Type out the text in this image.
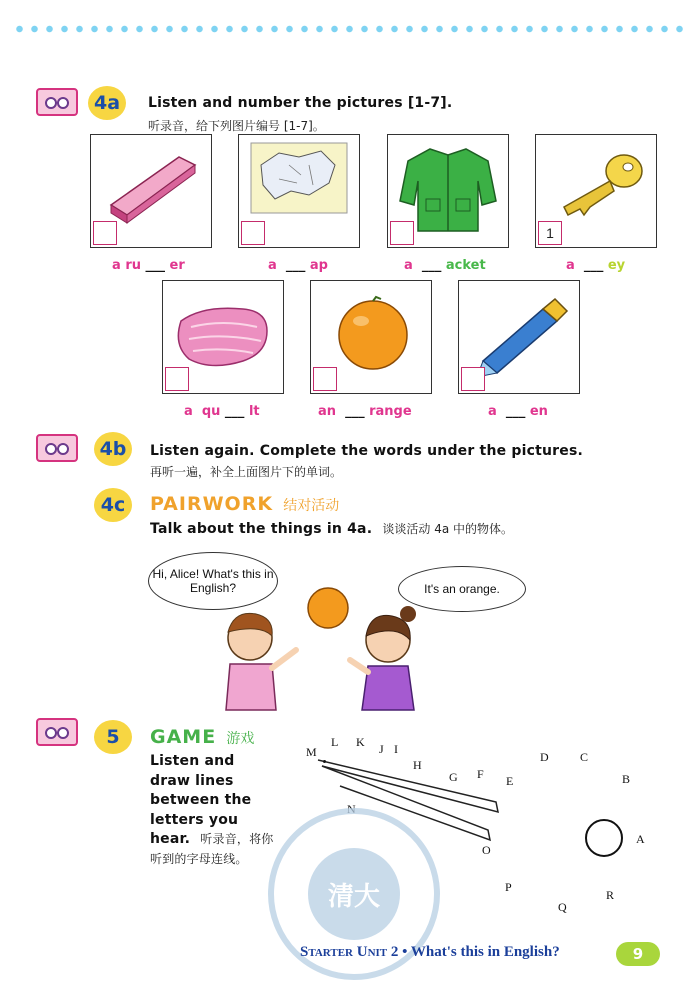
4a	Listen and number the pictures [1-7].
听录音，给下列图片编号 [1-7]。
1
a ru ___ er	a  ___ ap	a  ___ acket	a  ___ ey
a qu ___ lt	an  ___ range	a  ___ en
4b	Listen again. Complete the words under the pictures.
再听一遍，补全上面图片下的单词。
4c	PAIRWORK 结对活动
Talk about the things in 4a. 谈谈活动 4a 中的物体。
Hi, Alice! What's this in English?	It's an orange.
5	GAME 游戏
Listen and
draw lines
between the
letters you
hear. 听录音，将你
听到的字母连线。
M
L K J I
H
G F E
D	C
B
N
O
A
P
Q
R
清大
Starter Unit 2 • What's this in English?	9
